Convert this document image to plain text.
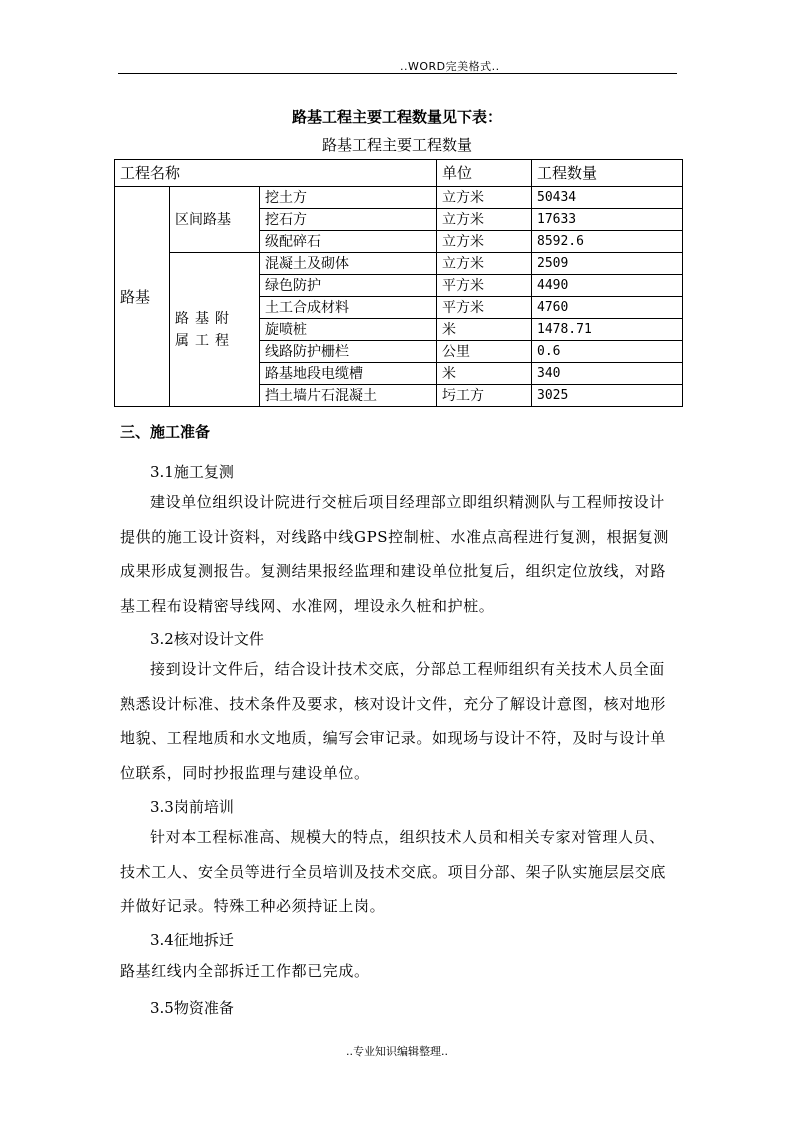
..WORD完美格式..
路基工程主要工程数量见下表：
路基工程主要工程数量
工程名称			单位	工程数量
路基	区间路基	挖土方	立方米	50434
		挖石方	立方米	17633
		级配碎石	立方米	8592.6
	路基附属工程	混凝土及砌体	立方米	2509
		绿色防护	平方米	4490
		土工合成材料	平方米	4760
		旋喷桩	米	1478.71
		线路防护栅栏	公里	0.6
		路基地段电缆槽	米	340
		挡土墙片石混凝土	圬工方	3025
三、施工准备
3.1施工复测
建设单位组织设计院进行交桩后项目经理部立即组织精测队与工程师按设计提供的施工设计资料，对线路中线GPS控制桩、水准点高程进行复测，根据复测成果形成复测报告。复测结果报经监理和建设单位批复后，组织定位放线，对路基工程布设精密导线网、水准网，埋设永久桩和护桩。
3.2核对设计文件
接到设计文件后，结合设计技术交底，分部总工程师组织有关技术人员全面熟悉设计标准、技术条件及要求，核对设计文件，充分了解设计意图，核对地形地貌、工程地质和水文地质，编写会审记录。如现场与设计不符，及时与设计单位联系，同时抄报监理与建设单位。
3.3岗前培训
针对本工程标准高、规模大的特点，组织技术人员和相关专家对管理人员、技术工人、安全员等进行全员培训及技术交底。项目分部、架子队实施层层交底并做好记录。特殊工种必须持证上岗。
3.4征地拆迁
路基红线内全部拆迁工作都已完成。
3.5物资准备
..专业知识编辑整理..
